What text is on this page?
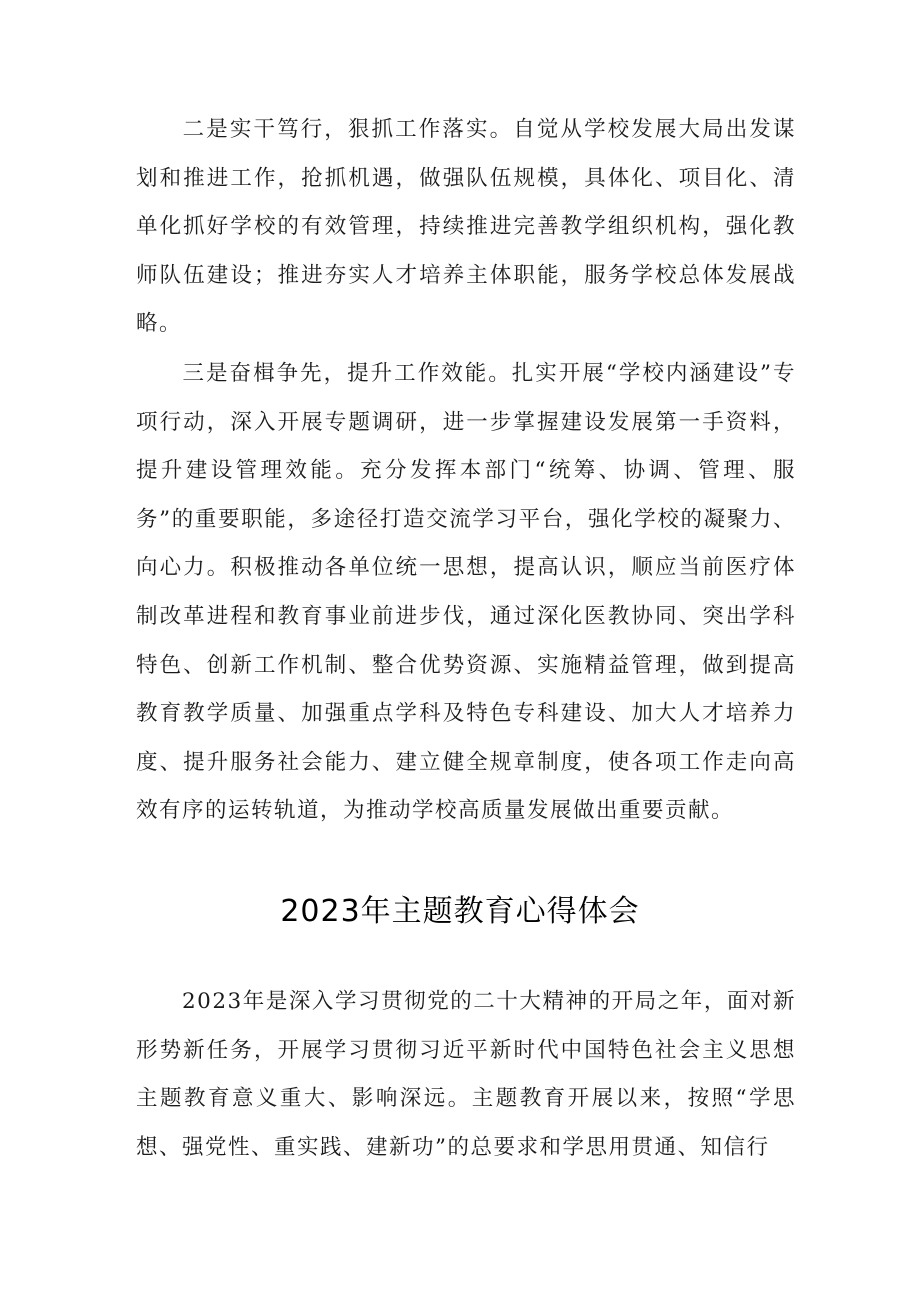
二是实干笃行，狠抓工作落实。自觉从学校发展大局出发谋划和推进工作，抢抓机遇，做强队伍规模，具体化、项目化、清单化抓好学校的有效管理，持续推进完善教学组织机构，强化教师队伍建设；推进夯实人才培养主体职能，服务学校总体发展战略。

三是奋楫争先，提升工作效能。扎实开展“学校内涵建设”专项行动，深入开展专题调研，进一步掌握建设发展第一手资料，提升建设管理效能。充分发挥本部门“统筹、协调、管理、服务”的重要职能，多途径打造交流学习平台，强化学校的凝聚力、向心力。积极推动各单位统一思想，提高认识，顺应当前医疗体制改革进程和教育事业前进步伐，通过深化医教协同、突出学科特色、创新工作机制、整合优势资源、实施精益管理，做到提高教育教学质量、加强重点学科及特色专科建设、加大人才培养力度、提升服务社会能力、建立健全规章制度，使各项工作走向高效有序的运转轨道，为推动学校高质量发展做出重要贡献。

2023年主题教育心得体会

2023年是深入学习贯彻党的二十大精神的开局之年，面对新形势新任务，开展学习贯彻习近平新时代中国特色社会主义思想主题教育意义重大、影响深远。主题教育开展以来，按照“学思想、强党性、重实践、建新功”的总要求和学思用贯通、知信行
